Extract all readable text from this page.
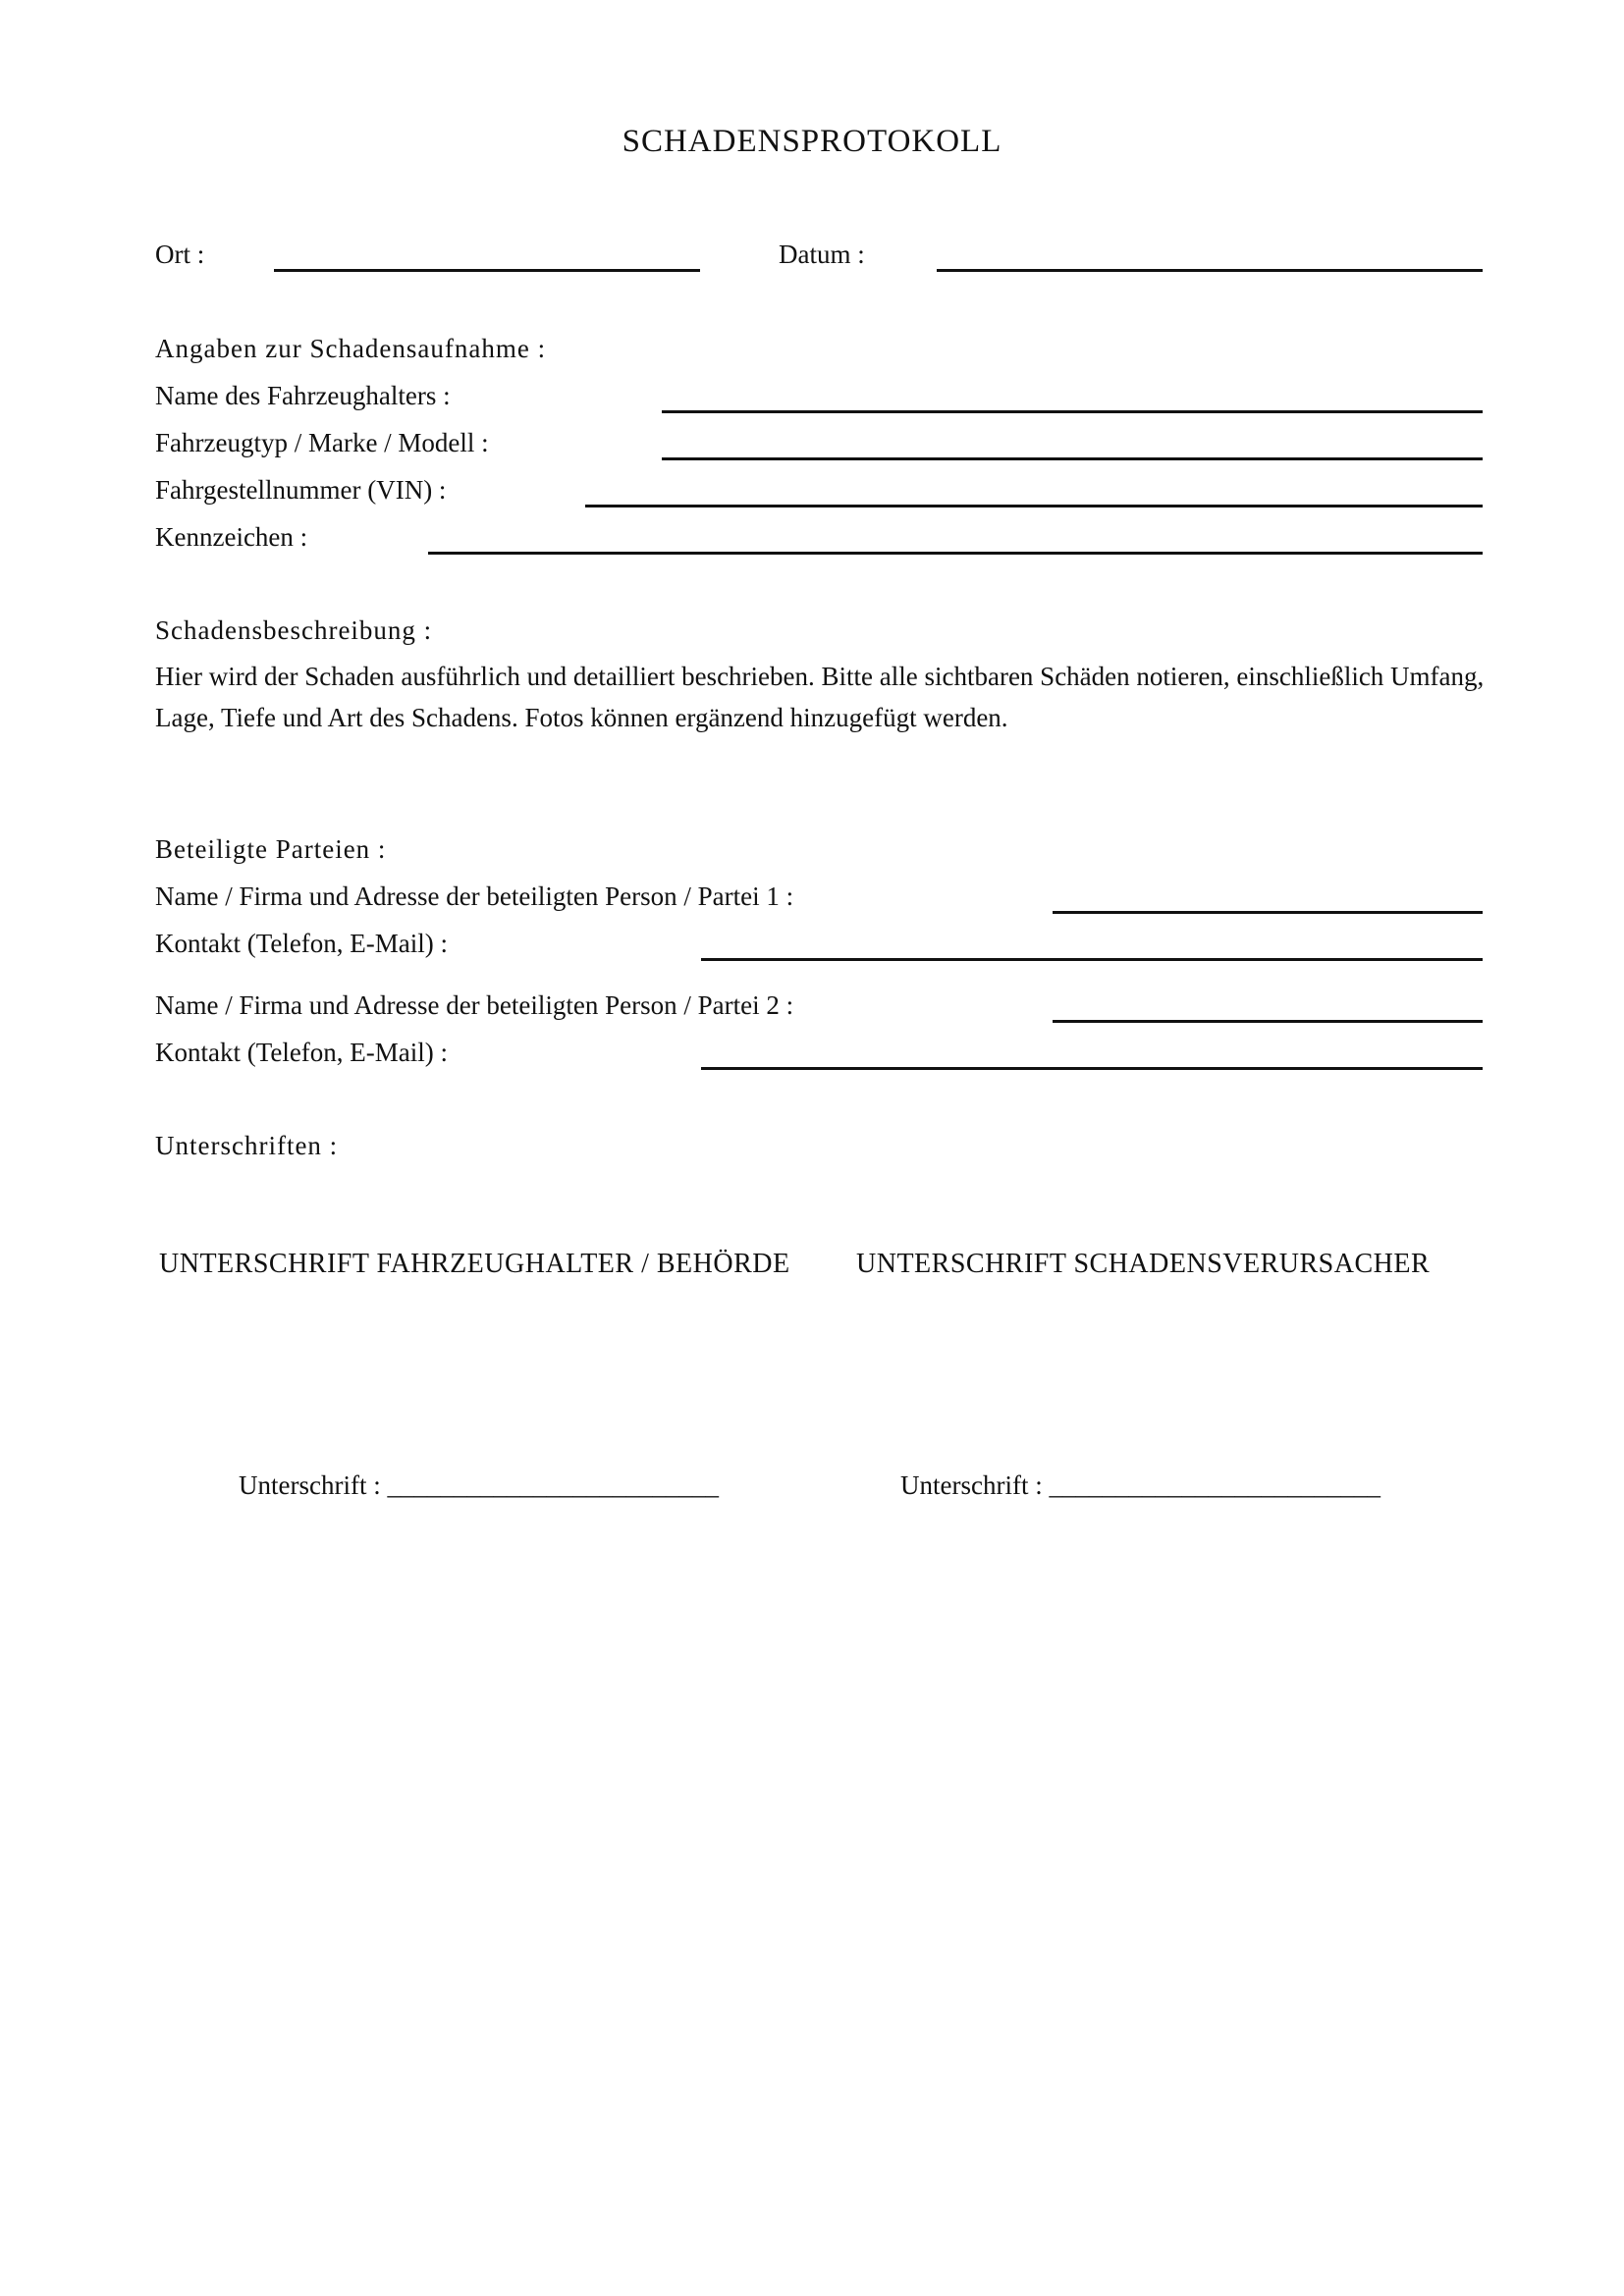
SCHADENSPROTOKOLL
Ort :	Datum :
Angaben zur Schadensaufnahme :
Name des Fahrzeughalters :
Fahrzeugtyp / Marke / Modell :
Fahrgestellnummer (VIN) :
Kennzeichen :
Schadensbeschreibung :
Hier wird der Schaden ausführlich und detailliert beschrieben. Bitte alle sichtbaren Schäden notieren, einschließlich Umfang, Lage, Tiefe und Art des Schadens. Fotos können ergänzend hinzugefügt werden.
Beteiligte Parteien :
Name / Firma und Adresse der beteiligten Person / Partei 1 :
Kontakt (Telefon, E-Mail) :
Name / Firma und Adresse der beteiligten Person / Partei 2 :
Kontakt (Telefon, E-Mail) :
Unterschriften :
UNTERSCHRIFT FAHRZEUGHALTER / BEHÖRDE UNTERSCHRIFT SCHADENSVERURSACHER
Unterschrift : _________________________	Unterschrift : _________________________
